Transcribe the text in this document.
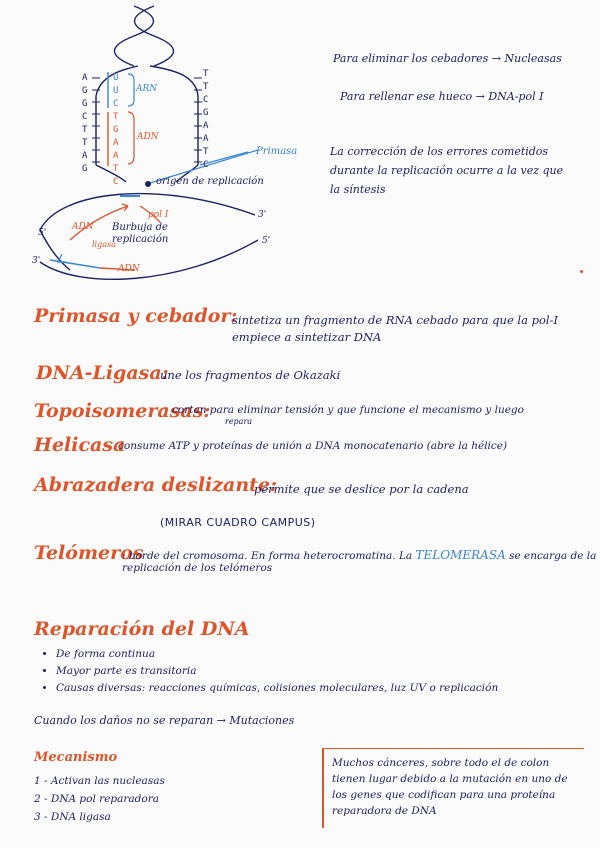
A
G
G
C
T
T
A
G
U
U
C
T
G
A
A
T
C
T
T
C
G
A
A
T
C
ARN
ADN
Primasa
origen de replicación
5'
3'
5'
3'
ADN
pol I
ligasa
Burbuja de replicación
ADN
Para eliminar los cebadores → Nucleasas
Para rellenar ese hueco → DNA-pol I
La corrección de los errores cometidos durante la replicación ocurre a la vez que la síntesis
Primasa y cebador:
sintetiza un fragmento de RNA cebado para que la pol-I empiece a sintetizar DNA
DNA-Ligasa:
une los fragmentos de Okazaki
Topoisomerasas:
cortan para eliminar tensión y que funcione el mecanismo y luego
repara
Helicasa
consume ATP y proteínas de unión a DNA monocatenario (abre la hélice)
Abrazadera deslizante:
permite que se deslice por la cadena
(MIRAR CUADRO CAMPUS)
Telómeros
: borde del cromosoma. En forma heterocromatina. La TELOMERASA se encarga de la replicación de los telómeros
Reparación del DNA
• De forma continua
• Mayor parte es transitoria
• Causas diversas: reacciones químicas, colisiones moleculares, luz UV o replicación
Cuando los daños no se reparan → Mutaciones
Mecanismo
1 - Activan las nucleasas
2 - DNA pol reparadora
3 - DNA ligasa
Muchos cánceres, sobre todo el de colon tienen lugar debido a la mutación en uno de los genes que codifican para una proteína reparadora de DNA
